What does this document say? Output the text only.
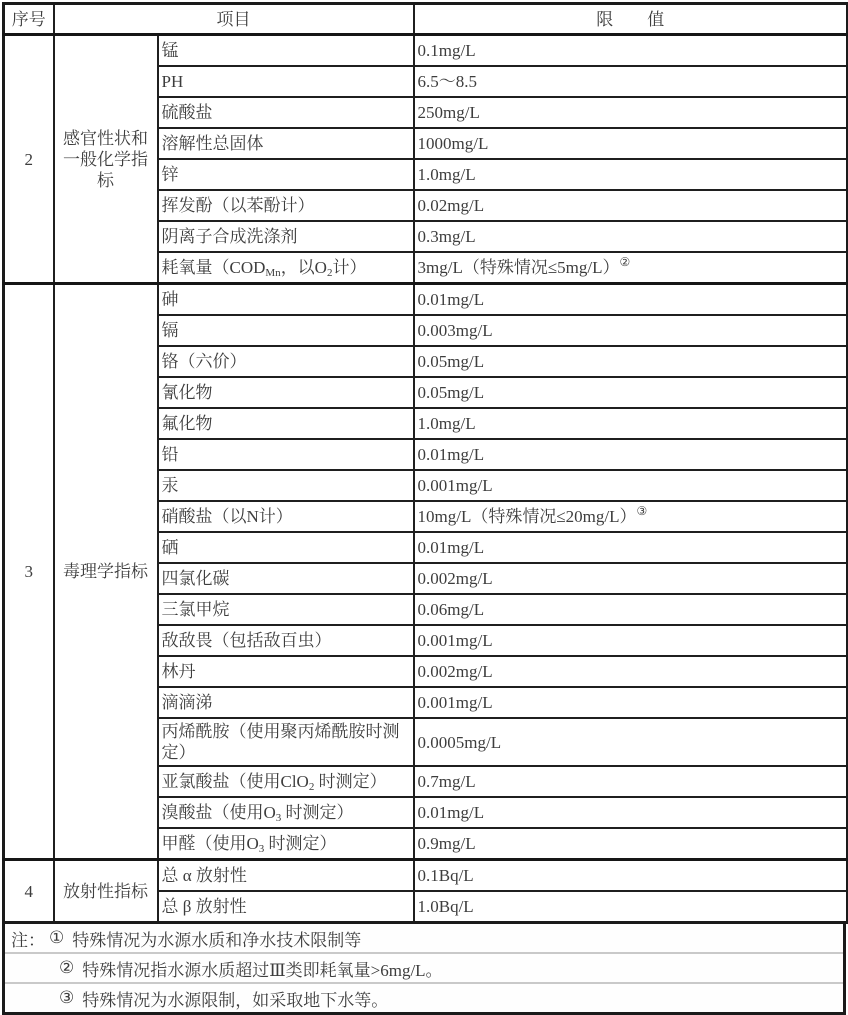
序号	项目		限　　值
2	感官性状和一般化学指标	锰	0.1mg/L
		PH	6.5～8.5
		硫酸盐	250mg/L
		溶解性总固体	1000mg/L
		锌	1.0mg/L
		挥发酚（以苯酚计）	0.02mg/L
		阴离子合成洗涤剂	0.3mg/L
		耗氧量（$COD_{Mn}$，以$O_2$计）	3mg/L（特殊情况≤5mg/L）②
3	毒理学指标	砷	0.01mg/L
		镉	0.003mg/L
		铬（六价）	0.05mg/L
		氰化物	0.05mg/L
		氟化物	1.0mg/L
		铅	0.01mg/L
		汞	0.001mg/L
		硝酸盐（以N计）	10mg/L（特殊情况≤20mg/L）③
		硒	0.01mg/L
		四氯化碳	0.002mg/L
		三氯甲烷	0.06mg/L
		敌敌畏（包括敌百虫）	0.001mg/L
		林丹	0.002mg/L
		滴滴涕	0.001mg/L
		丙烯酰胺（使用聚丙烯酰胺时测定）	0.0005mg/L
		亚氯酸盐（使用ClO$_2$ 时测定）	0.7mg/L
		溴酸盐（使用$O_3$ 时测定）	0.01mg/L
		甲醛（使用$O_3$ 时测定）	0.9mg/L
4	放射性指标	总 α 放射性	0.1Bq/L
		总 β 放射性	1.0Bq/L
注： ① 特殊情况为水源水质和净水技术限制等
② 特殊情况指水源水质超过Ⅲ类即耗氧量>6mg/L。
③ 特殊情况为水源限制，如采取地下水等。
